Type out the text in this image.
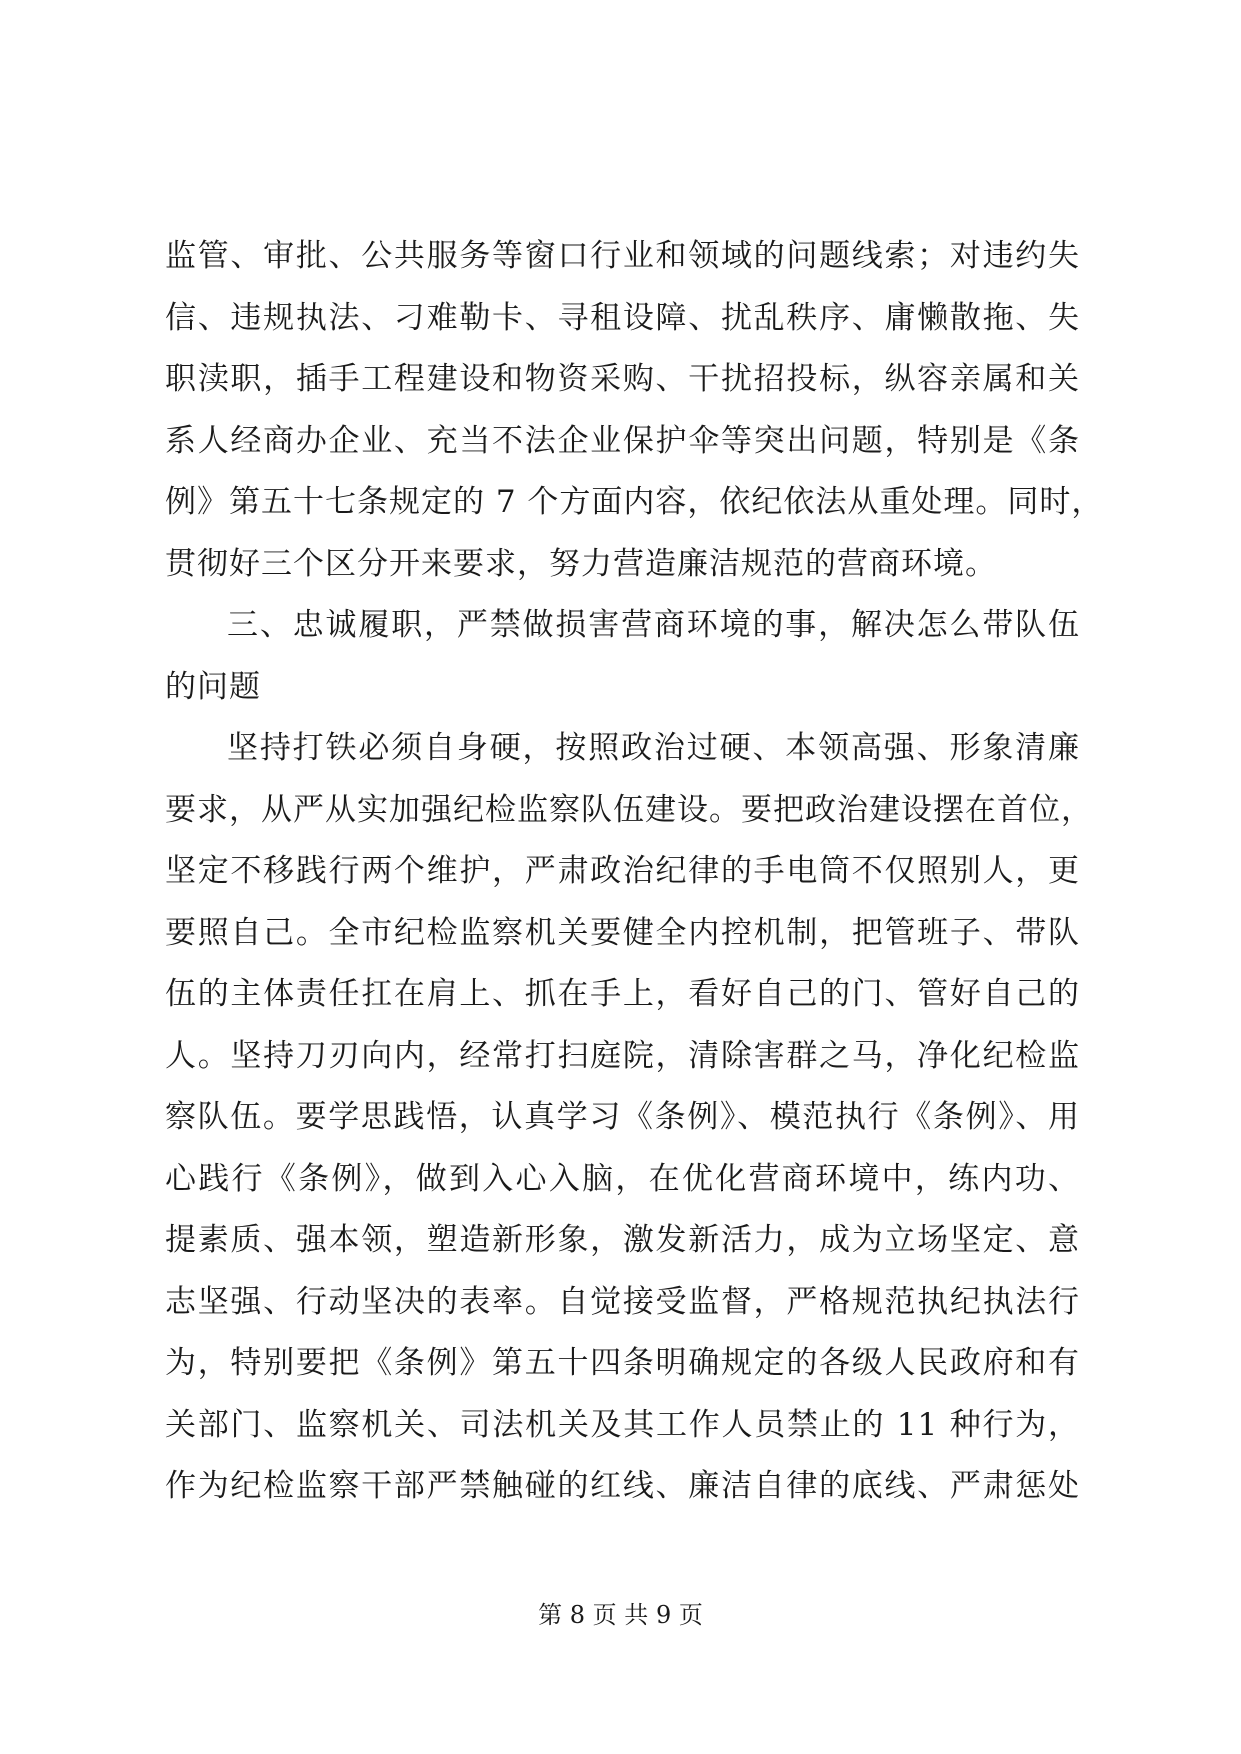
监管、审批、公共服务等窗口行业和领域的问题线索；对违约失
信、违规执法、刁难勒卡、寻租设障、扰乱秩序、庸懒散拖、失
职渎职，插手工程建设和物资采购、干扰招投标，纵容亲属和关
系人经商办企业、充当不法企业保护伞等突出问题，特别是《条
例》第五十七条规定的 7 个方面内容，依纪依法从重处理。同时，
贯彻好三个区分开来要求，努力营造廉洁规范的营商环境。
三、忠诚履职，严禁做损害营商环境的事，解决怎么带队伍
的问题
坚持打铁必须自身硬，按照政治过硬、本领高强、形象清廉
要求，从严从实加强纪检监察队伍建设。要把政治建设摆在首位，
坚定不移践行两个维护，严肃政治纪律的手电筒不仅照别人，更
要照自己。全市纪检监察机关要健全内控机制，把管班子、带队
伍的主体责任扛在肩上、抓在手上，看好自己的门、管好自己的
人。坚持刀刃向内，经常打扫庭院，清除害群之马，净化纪检监
察队伍。要学思践悟，认真学习《条例》、模范执行《条例》、用
心践行《条例》，做到入心入脑，在优化营商环境中，练内功、
提素质、强本领，塑造新形象，激发新活力，成为立场坚定、意
志坚强、行动坚决的表率。自觉接受监督，严格规范执纪执法行
为，特别要把《条例》第五十四条明确规定的各级人民政府和有
关部门、监察机关、司法机关及其工作人员禁止的 11 种行为，
作为纪检监察干部严禁触碰的红线、廉洁自律的底线、严肃惩处
第 8 页 共 9 页
